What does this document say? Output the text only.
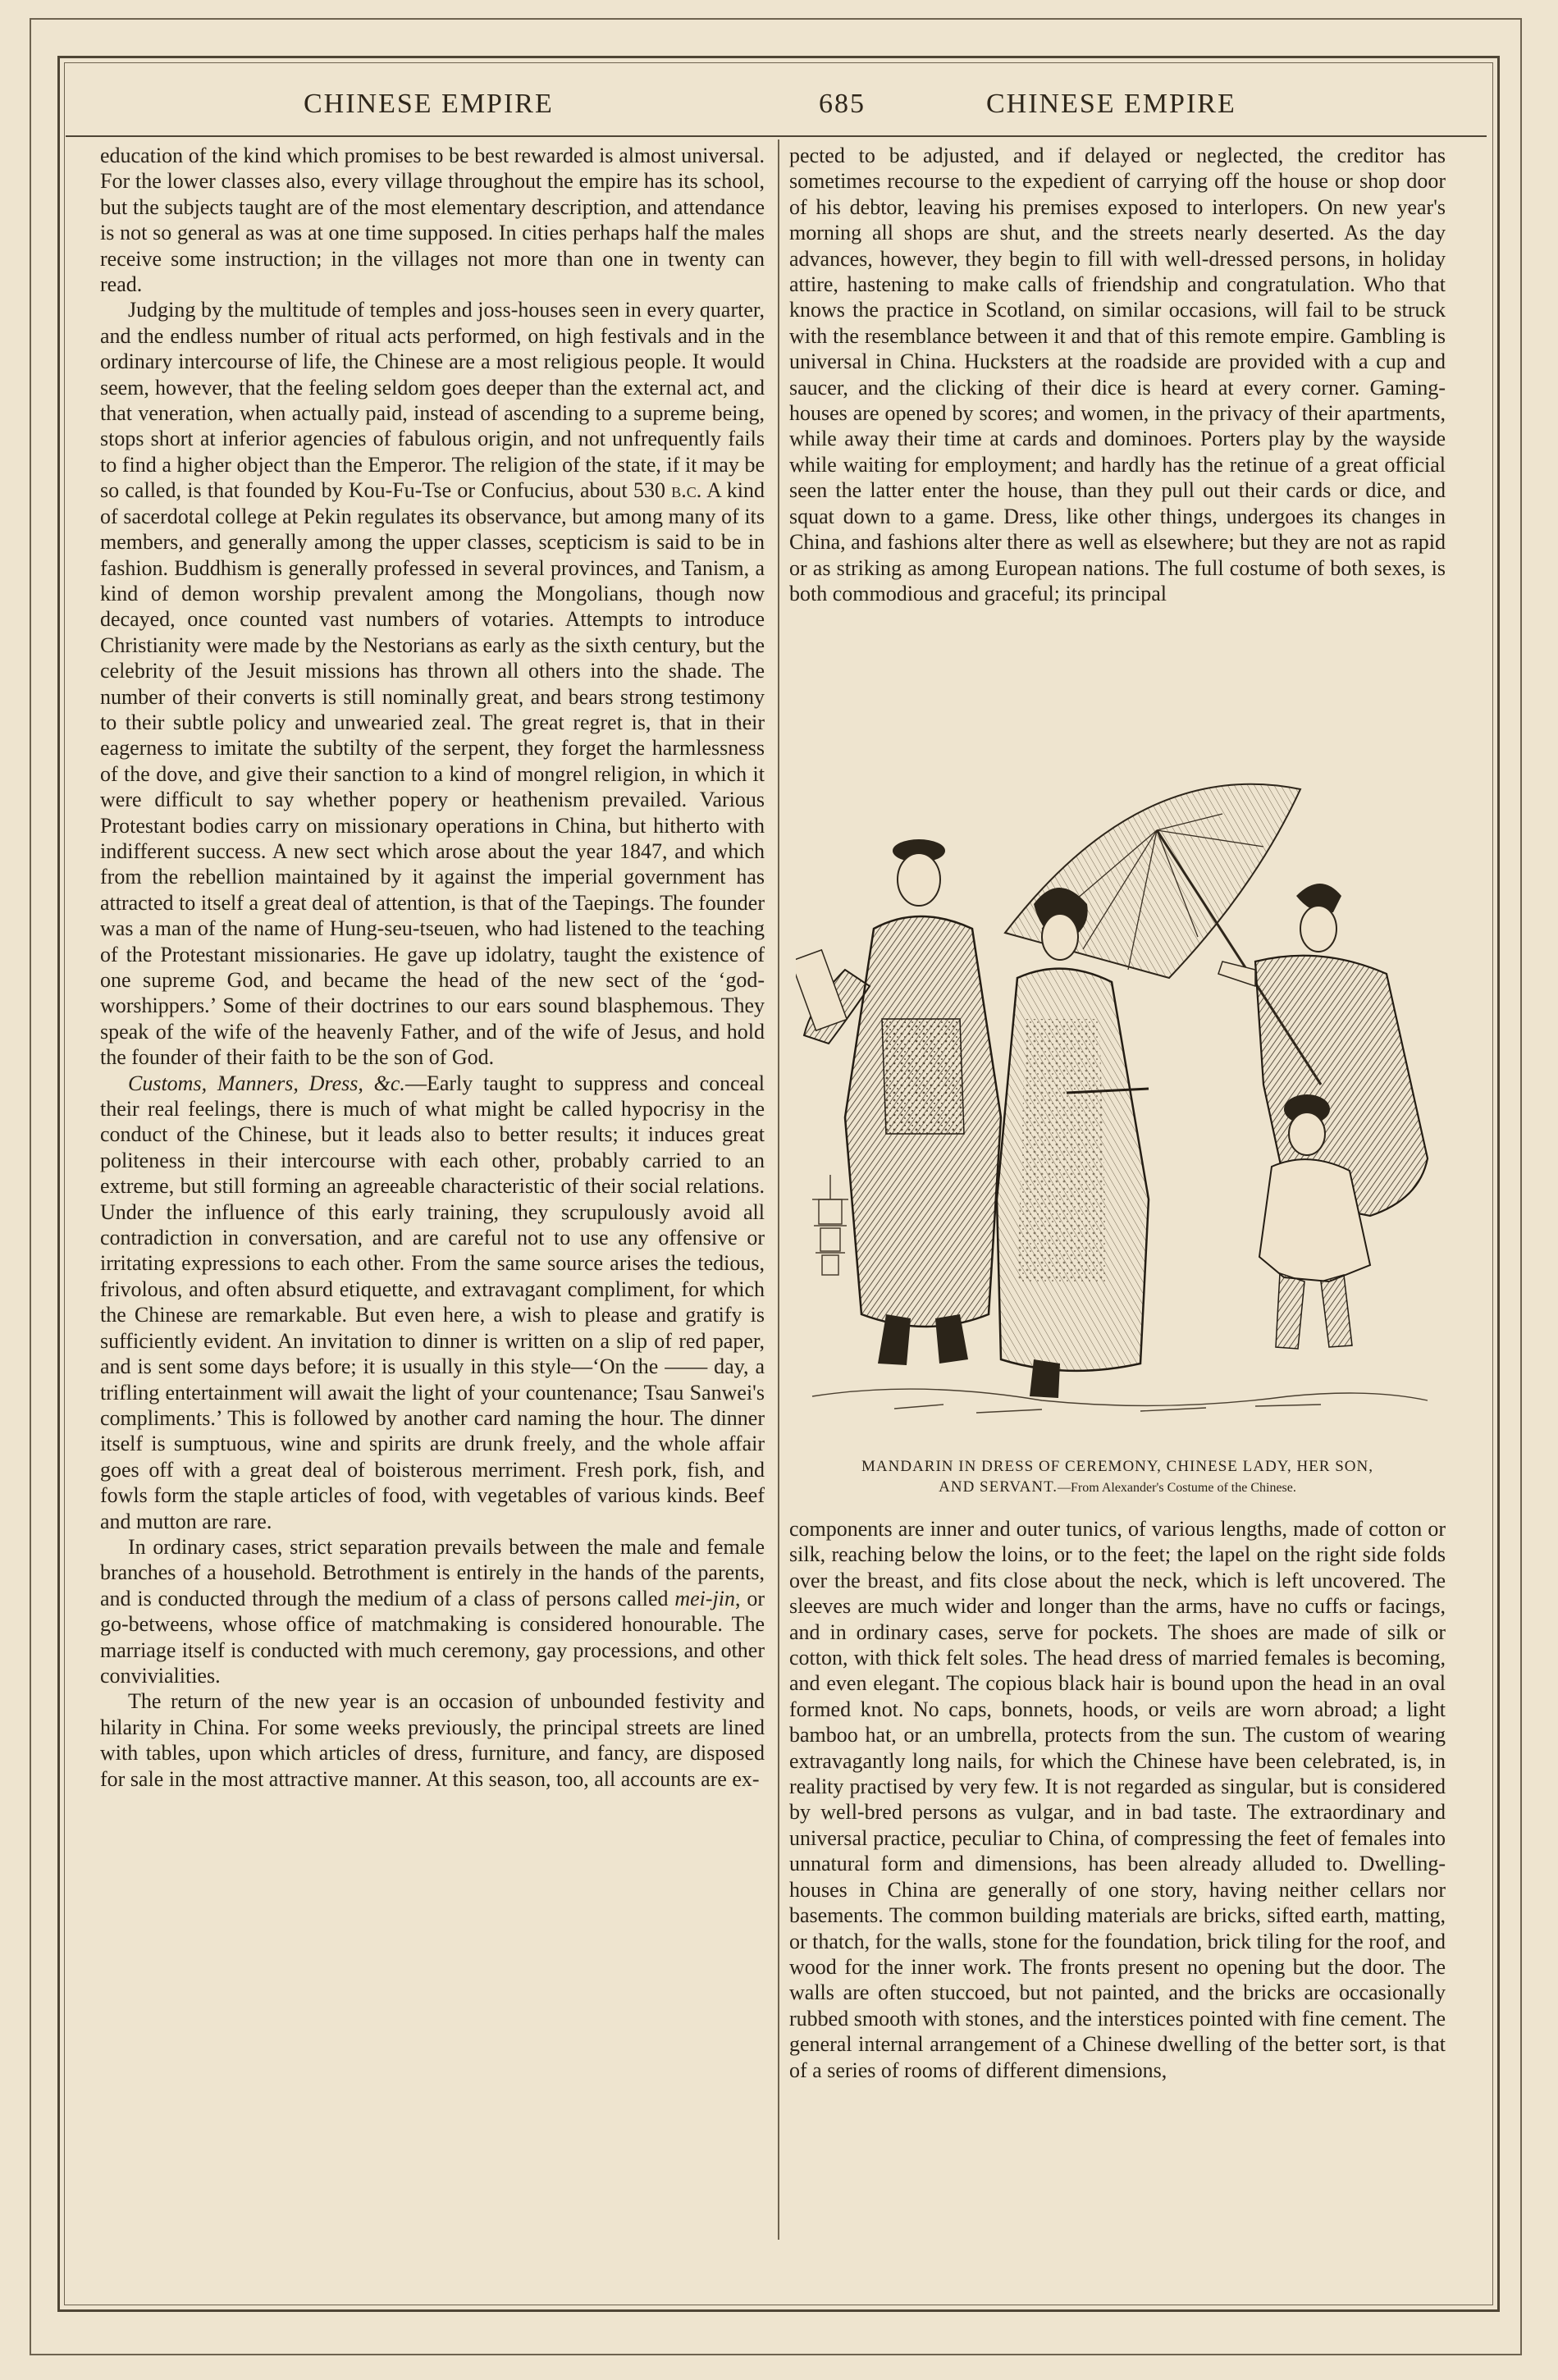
CHINESE EMPIRE	685	CHINESE EMPIRE

education of the kind which promises to be best rewarded is almost universal. For the lower classes also, every village throughout the empire has its school, but the subjects taught are of the most elementary description, and attendance is not so general as was at one time supposed. In cities perhaps half the males receive some instruction; in the villages not more than one in twenty can read.

Judging by the multitude of temples and joss-houses seen in every quarter, and the endless number of ritual acts performed, on high festivals and in the ordinary intercourse of life, the Chinese are a most religious people. It would seem, however, that the feeling seldom goes deeper than the external act, and that veneration, when actually paid, instead of ascending to a supreme being, stops short at inferior agencies of fabulous origin, and not unfrequently fails to find a higher object than the Emperor. The religion of the state, if it may be so called, is that founded by Kou-Fu-Tse or Confucius, about 530 b.c. A kind of sacerdotal college at Pekin regulates its observance, but among many of its members, and generally among the upper classes, scepticism is said to be in fashion. Buddhism is generally professed in several provinces, and Tanism, a kind of demon worship prevalent among the Mongolians, though now decayed, once counted vast numbers of votaries. Attempts to introduce Christianity were made by the Nestorians as early as the sixth century, but the celebrity of the Jesuit missions has thrown all others into the shade. The number of their converts is still nominally great, and bears strong testimony to their subtle policy and unwearied zeal. The great regret is, that in their eagerness to imitate the subtilty of the serpent, they forget the harmlessness of the dove, and give their sanction to a kind of mongrel religion, in which it were difficult to say whether popery or heathenism prevailed. Various Protestant bodies carry on missionary operations in China, but hitherto with indifferent success. A new sect which arose about the year 1847, and which from the rebellion maintained by it against the imperial government has attracted to itself a great deal of attention, is that of the Taepings. The founder was a man of the name of Hung-seu-tseuen, who had listened to the teaching of the Protestant missionaries. He gave up idolatry, taught the existence of one supreme God, and became the head of the new sect of the ‘god-worshippers.’ Some of their doctrines to our ears sound blasphemous. They speak of the wife of the heavenly Father, and of the wife of Jesus, and hold the founder of their faith to be the son of God.

Customs, Manners, Dress, &c.—Early taught to suppress and conceal their real feelings, there is much of what might be called hypocrisy in the conduct of the Chinese, but it leads also to better results; it induces great politeness in their intercourse with each other, probably carried to an extreme, but still forming an agreeable characteristic of their social relations. Under the influence of this early training, they scrupulously avoid all contradiction in conversation, and are careful not to use any offensive or irritating expressions to each other. From the same source arises the tedious, frivolous, and often absurd etiquette, and extravagant compliment, for which the Chinese are remarkable. But even here, a wish to please and gratify is sufficiently evident. An invitation to dinner is written on a slip of red paper, and is sent some days before; it is usually in this style—‘On the —— day, a trifling entertainment will await the light of your countenance; Tsau Sanwei's compliments.’ This is followed by another card naming the hour. The dinner itself is sumptuous, wine and spirits are drunk freely, and the whole affair goes off with a great deal of boisterous merriment. Fresh pork, fish, and fowls form the staple articles of food, with vegetables of various kinds. Beef and mutton are rare.

In ordinary cases, strict separation prevails between the male and female branches of a household. Betrothment is entirely in the hands of the parents, and is conducted through the medium of a class of persons called mei-jin, or go-betweens, whose office of matchmaking is considered honourable. The marriage itself is conducted with much ceremony, gay processions, and other convivialities.

The return of the new year is an occasion of unbounded festivity and hilarity in China. For some weeks previously, the principal streets are lined with tables, upon which articles of dress, furniture, and fancy, are disposed for sale in the most attractive manner. At this season, too, all accounts are ex-

pected to be adjusted, and if delayed or neglected, the creditor has sometimes recourse to the expedient of carrying off the house or shop door of his debtor, leaving his premises exposed to interlopers. On new year's morning all shops are shut, and the streets nearly deserted. As the day advances, however, they begin to fill with well-dressed persons, in holiday attire, hastening to make calls of friendship and congratulation. Who that knows the practice in Scotland, on similar occasions, will fail to be struck with the resemblance between it and that of this remote empire. Gambling is universal in China. Hucksters at the roadside are provided with a cup and saucer, and the clicking of their dice is heard at every corner. Gaming-houses are opened by scores; and women, in the privacy of their apartments, while away their time at cards and dominoes. Porters play by the wayside while waiting for employment; and hardly has the retinue of a great official seen the latter enter the house, than they pull out their cards or dice, and squat down to a game. Dress, like other things, undergoes its changes in China, and fashions alter there as well as elsewhere; but they are not as rapid or as striking as among European nations. The full costume of both sexes, is both commodious and graceful; its principal

MANDARIN IN DRESS OF CEREMONY, CHINESE LADY, HER SON,
AND SERVANT.—From Alexander's Costume of the Chinese.

components are inner and outer tunics, of various lengths, made of cotton or silk, reaching below the loins, or to the feet; the lapel on the right side folds over the breast, and fits close about the neck, which is left uncovered. The sleeves are much wider and longer than the arms, have no cuffs or facings, and in ordinary cases, serve for pockets. The shoes are made of silk or cotton, with thick felt soles. The head dress of married females is becoming, and even elegant. The copious black hair is bound upon the head in an oval formed knot. No caps, bonnets, hoods, or veils are worn abroad; a light bamboo hat, or an umbrella, protects from the sun. The custom of wearing extravagantly long nails, for which the Chinese have been celebrated, is, in reality practised by very few. It is not regarded as singular, but is considered by well-bred persons as vulgar, and in bad taste. The extraordinary and universal practice, peculiar to China, of compressing the feet of females into unnatural form and dimensions, has been already alluded to. Dwelling-houses in China are generally of one story, having neither cellars nor basements. The common building materials are bricks, sifted earth, matting, or thatch, for the walls, stone for the foundation, brick tiling for the roof, and wood for the inner work. The fronts present no opening but the door. The walls are often stuccoed, but not painted, and the bricks are occasionally rubbed smooth with stones, and the interstices pointed with fine cement. The general internal arrangement of a Chinese dwelling of the better sort, is that of a series of rooms of different dimensions,
